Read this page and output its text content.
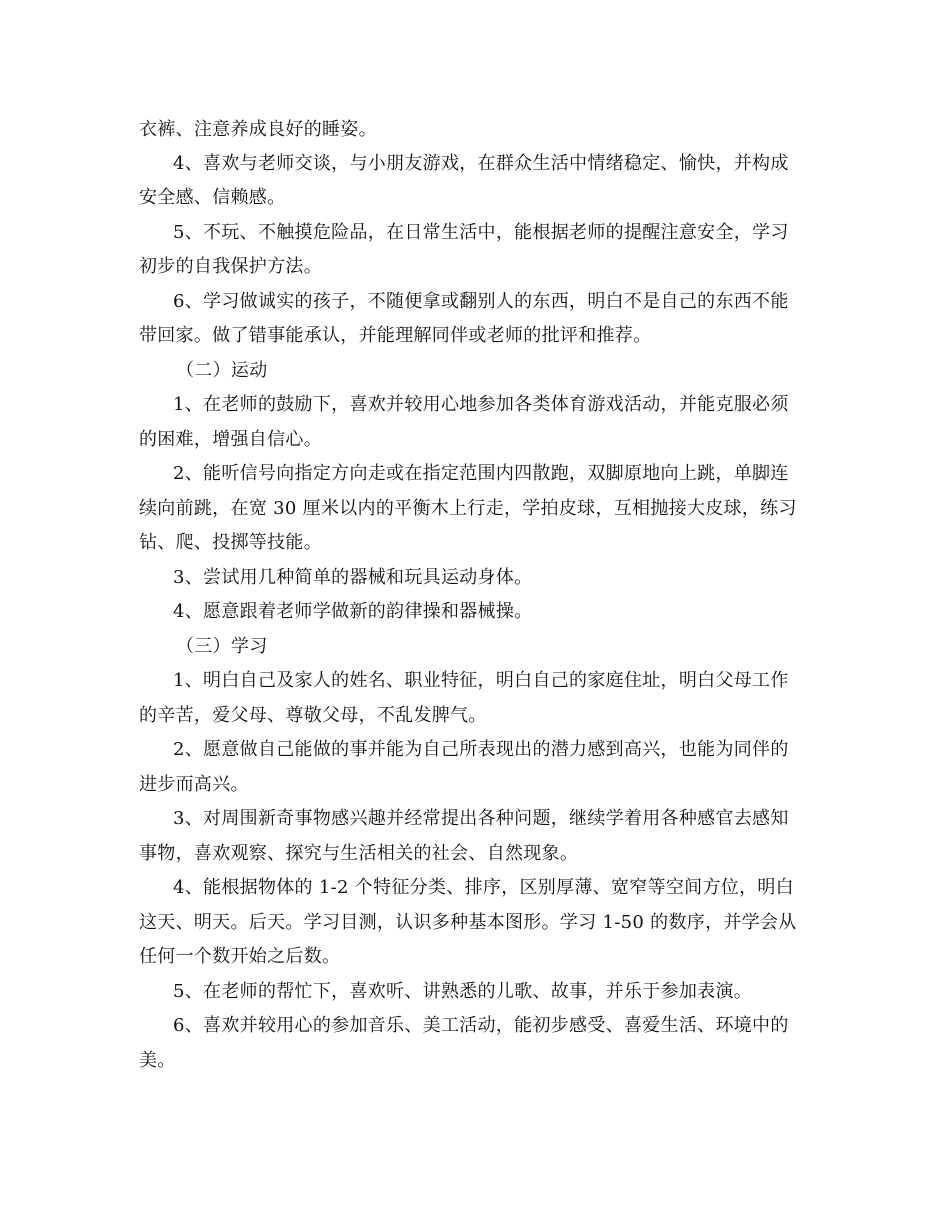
衣裤、注意养成良好的睡姿。
4、喜欢与老师交谈，与小朋友游戏，在群众生活中情绪稳定、愉快，并构成
安全感、信赖感。
5、不玩、不触摸危险品，在日常生活中，能根据老师的提醒注意安全，学习
初步的自我保护方法。
6、学习做诚实的孩子，不随便拿或翻别人的东西，明白不是自己的东西不能
带回家。做了错事能承认，并能理解同伴或老师的批评和推荐。
（二）运动
1、在老师的鼓励下，喜欢并较用心地参加各类体育游戏活动，并能克服必须
的困难，增强自信心。
2、能听信号向指定方向走或在指定范围内四散跑，双脚原地向上跳，单脚连
续向前跳，在宽 30 厘米以内的平衡木上行走，学拍皮球，互相抛接大皮球，练习
钻、爬、投掷等技能。
3、尝试用几种简单的器械和玩具运动身体。
4、愿意跟着老师学做新的韵律操和器械操。
（三）学习
1、明白自己及家人的姓名、职业特征，明白自己的家庭住址，明白父母工作
的辛苦，爱父母、尊敬父母，不乱发脾气。
2、愿意做自己能做的事并能为自己所表现出的潜力感到高兴，也能为同伴的
进步而高兴。
3、对周围新奇事物感兴趣并经常提出各种问题，继续学着用各种感官去感知
事物，喜欢观察、探究与生活相关的社会、自然现象。
4、能根据物体的 1-2 个特征分类、排序，区别厚薄、宽窄等空间方位，明白
这天、明天。后天。学习目测，认识多种基本图形。学习 1-50 的数序，并学会从
任何一个数开始之后数。
5、在老师的帮忙下，喜欢听、讲熟悉的儿歌、故事，并乐于参加表演。
6、喜欢并较用心的参加音乐、美工活动，能初步感受、喜爱生活、环境中的
美。
